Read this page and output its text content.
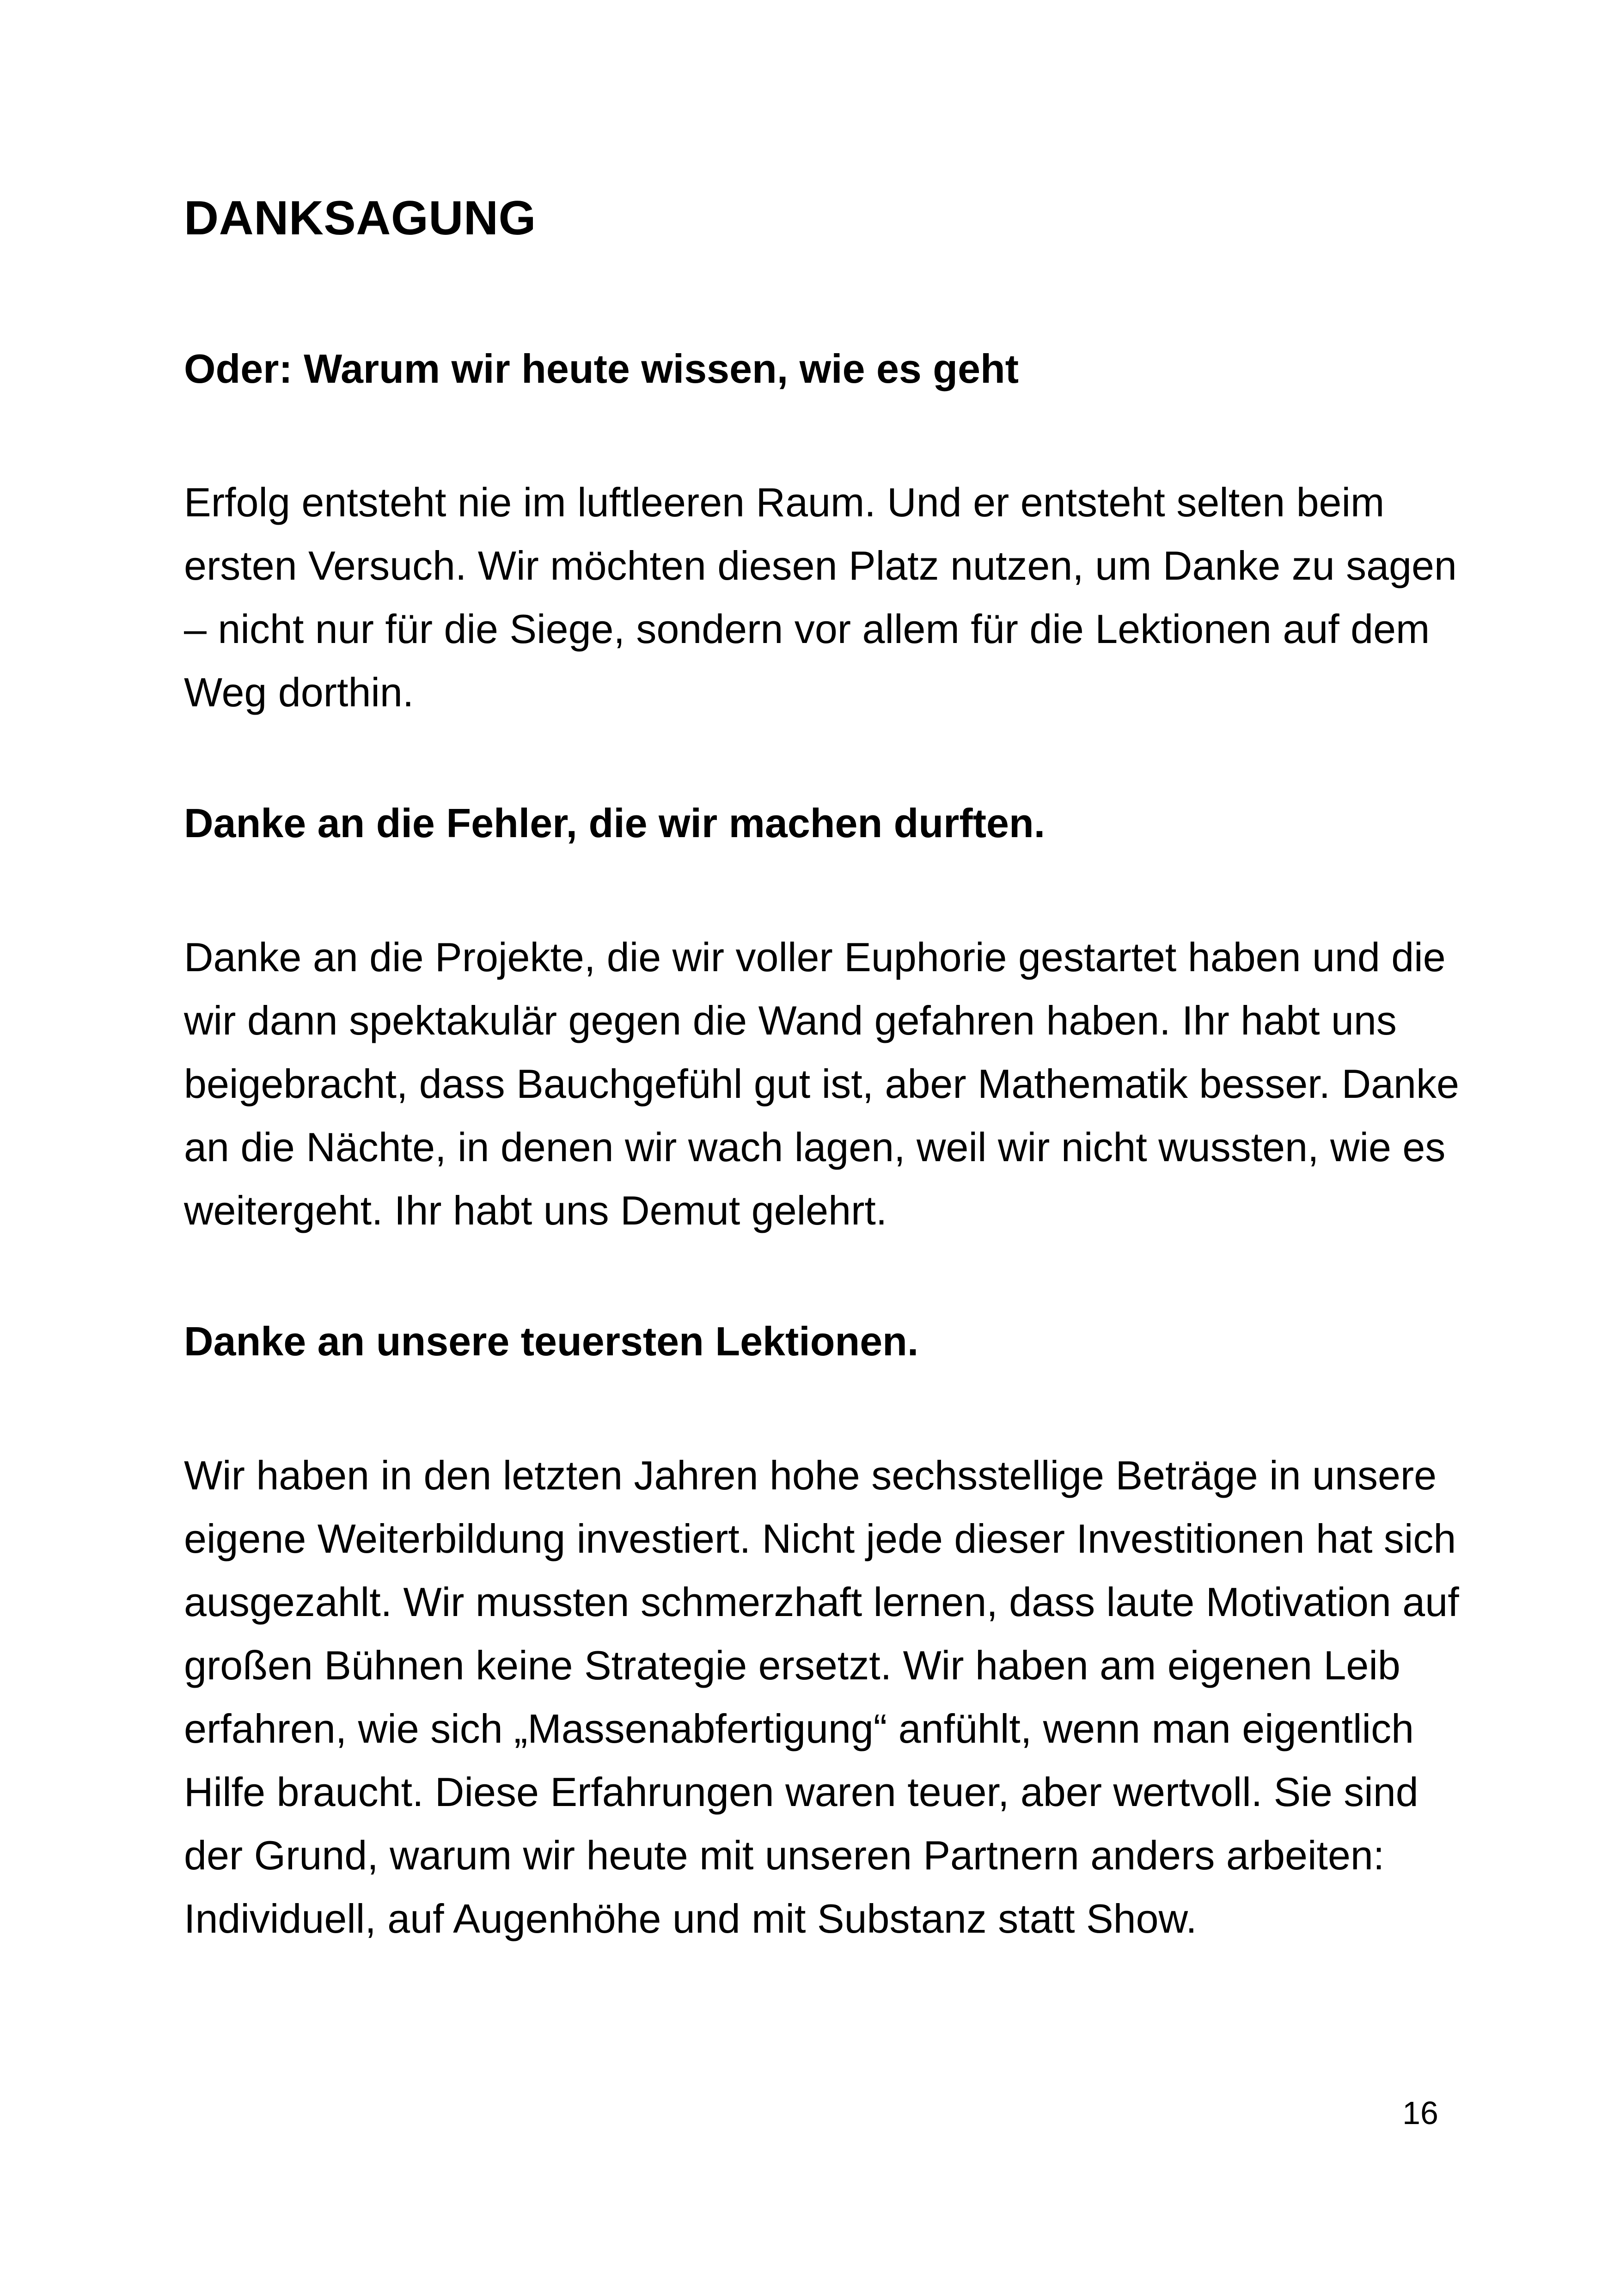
DANKSAGUNG
Oder: Warum wir heute wissen, wie es geht

Erfolg entsteht nie im luftleeren Raum. Und er entsteht selten beim ersten Versuch. Wir möchten diesen Platz nutzen, um Danke zu sagen – nicht nur für die Siege, sondern vor allem für die Lektionen auf dem Weg dorthin.

Danke an die Fehler, die wir machen durften.

Danke an die Projekte, die wir voller Euphorie gestartet haben und die wir dann spektakulär gegen die Wand gefahren haben. Ihr habt uns beigebracht, dass Bauchgefühl gut ist, aber Mathematik besser. Danke an die Nächte, in denen wir wach lagen, weil wir nicht wussten, wie es weitergeht. Ihr habt uns Demut gelehrt.

Danke an unsere teuersten Lektionen.

Wir haben in den letzten Jahren hohe sechsstellige Beträge in unsere eigene Weiterbildung investiert. Nicht jede dieser Investitionen hat sich ausgezahlt. Wir mussten schmerzhaft lernen, dass laute Motivation auf großen Bühnen keine Strategie ersetzt. Wir haben am eigenen Leib erfahren, wie sich „Massenabfertigung“ anfühlt, wenn man eigentlich Hilfe braucht. Diese Erfahrungen waren teuer, aber wertvoll. Sie sind der Grund, warum wir heute mit unseren Partnern anders arbeiten: Individuell, auf Augenhöhe und mit Substanz statt Show.

16
